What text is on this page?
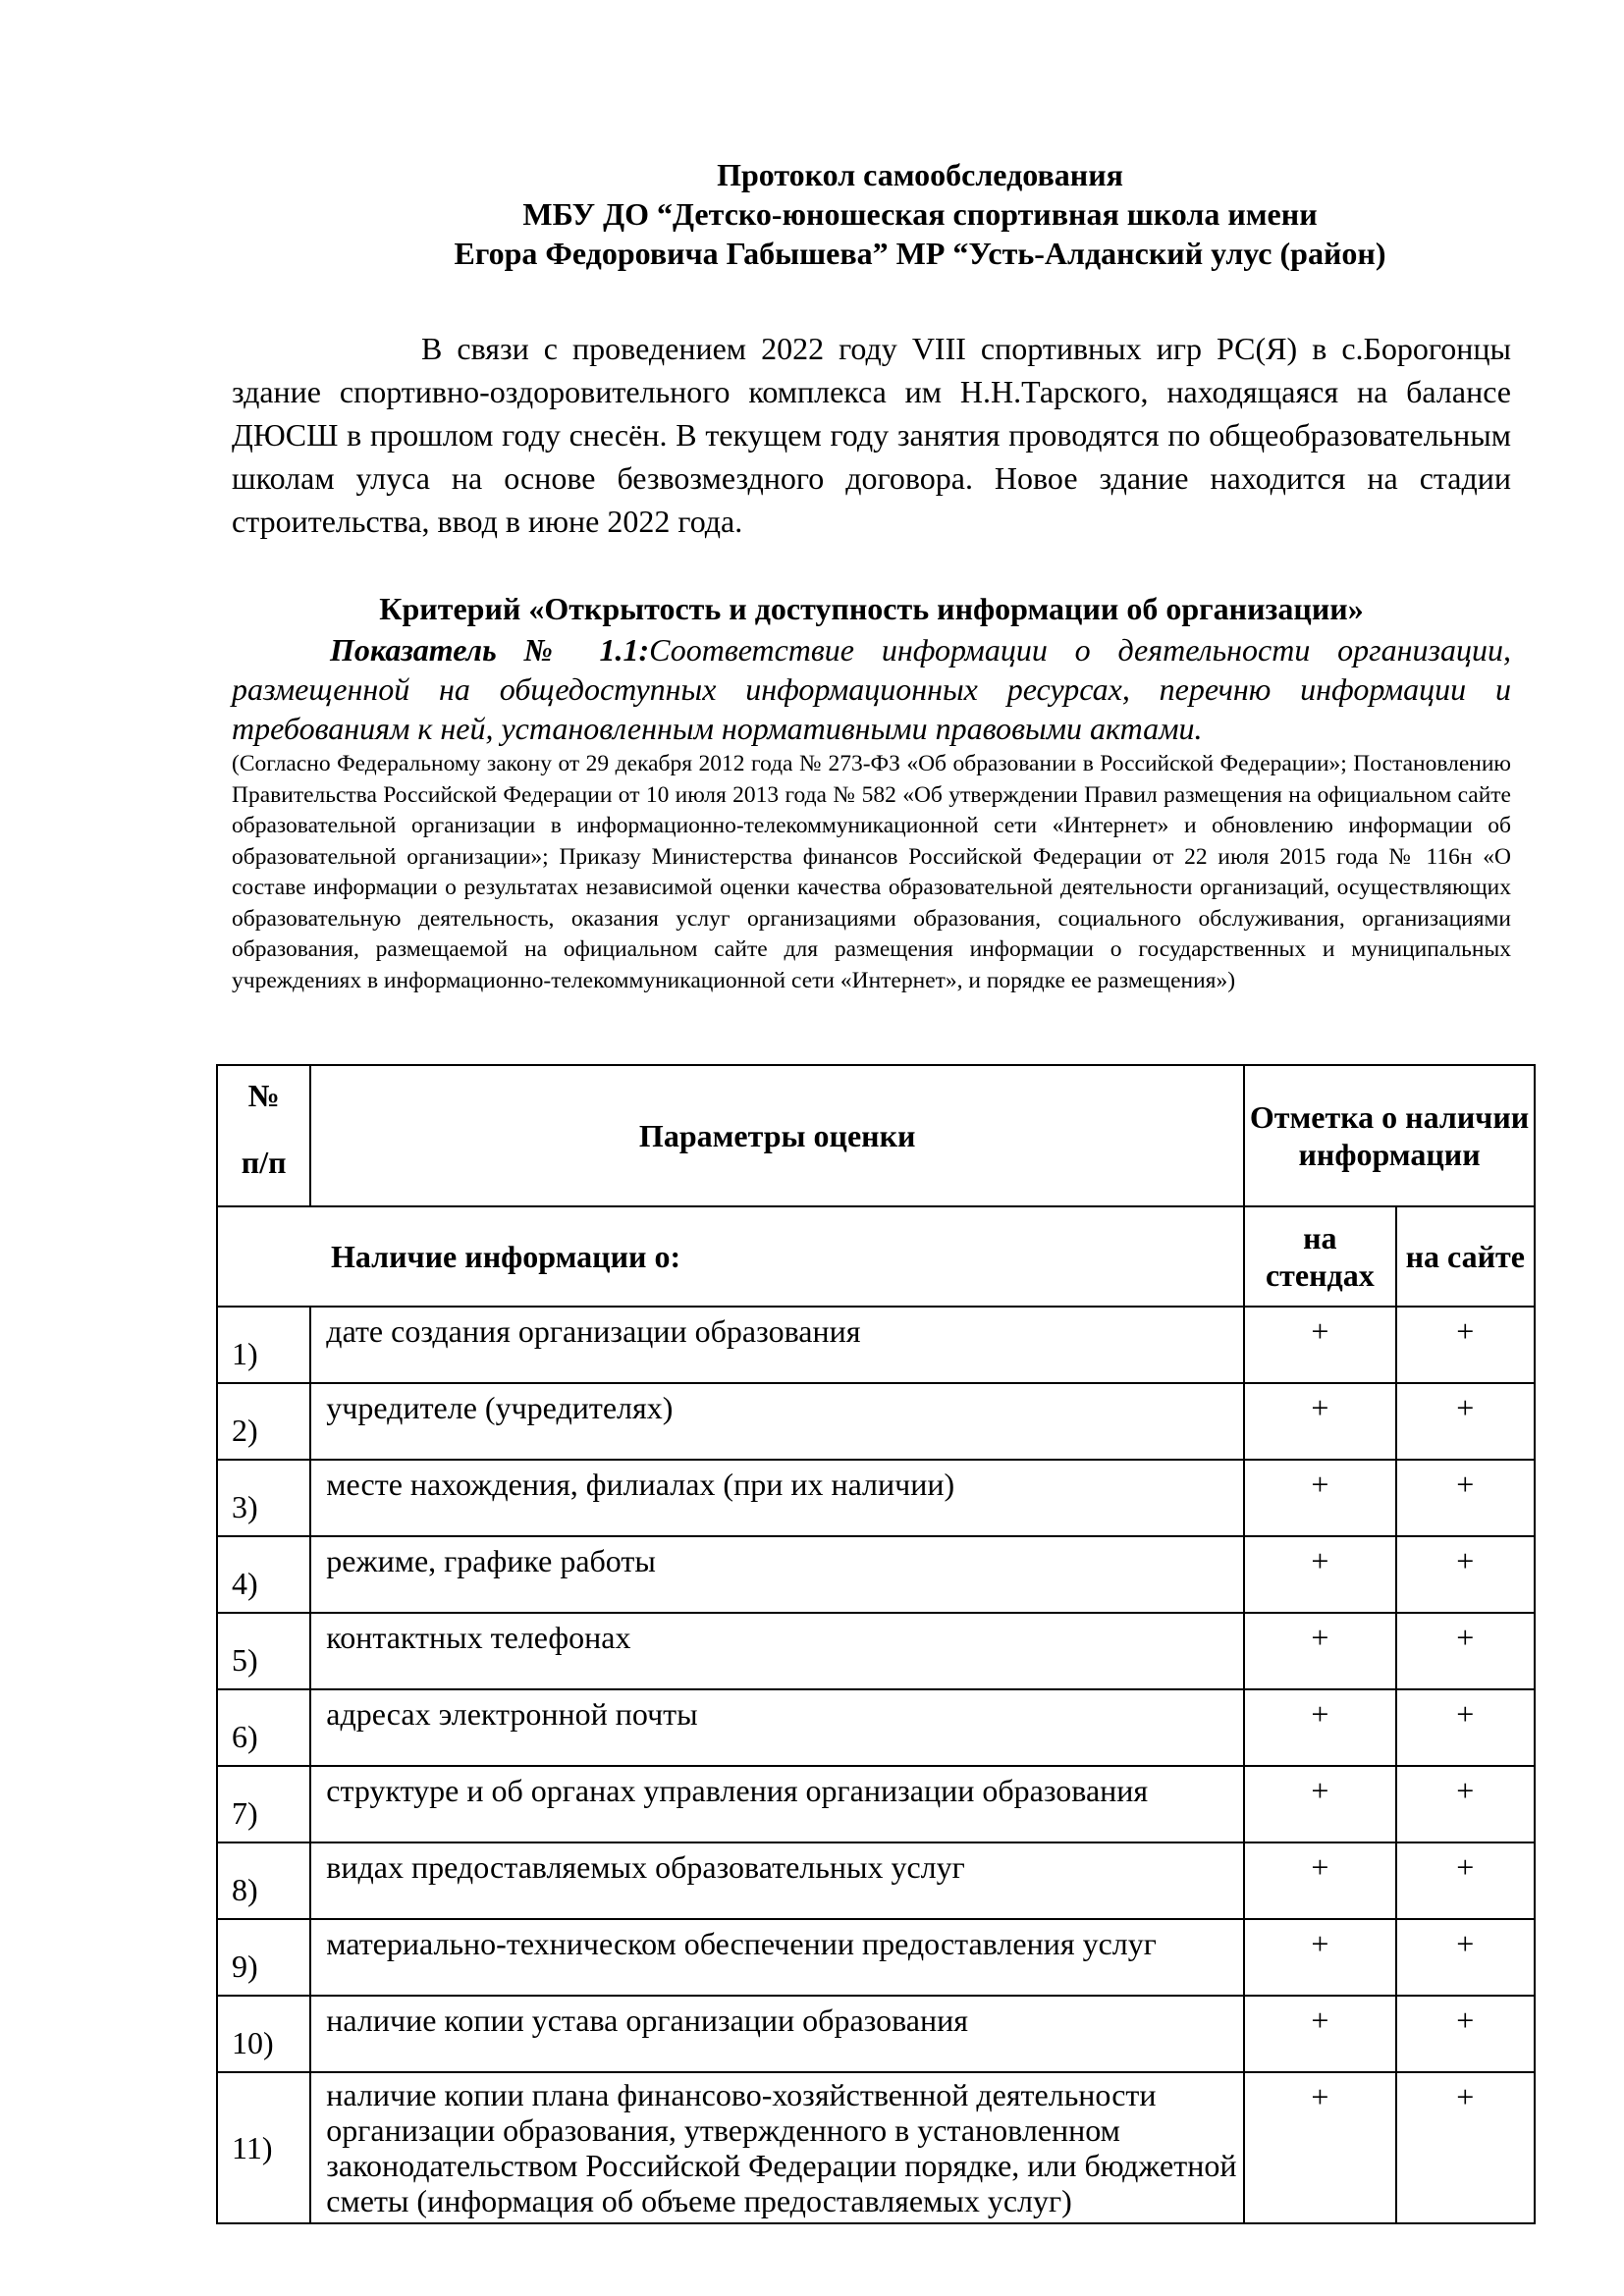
Протокол самообследования
МБУ ДО “Детско-юношеская спортивная школа имени
Егора Федоровича Габышева” МР “Усть-Алданский улус (район)
В связи с проведением 2022 году VIII спортивных игр РС(Я) в с.Борогонцы здание спортивно-оздоровительного комплекса им Н.Н.Тарского, находящаяся на балансе ДЮСШ в прошлом году снесён. В текущем году занятия проводятся по общеобразовательным школам улуса на основе безвозмездного договора. Новое здание находится на стадии строительства, ввод в июне 2022 года.
Критерий «Открытость и доступность информации об организации»
Показатель № 1.1:Соответствие информации о деятельности организации, размещенной на общедоступных информационных ресурсах, перечню информации и требованиям к ней, установленным нормативными правовыми актами.
(Согласно Федеральному закону от 29 декабря 2012 года № 273-ФЗ «Об образовании в Российской Федерации»; Постановлению Правительства Российской Федерации от 10 июля 2013 года № 582 «Об утверждении Правил размещения на официальном сайте образовательной организации в информационно-телекоммуникационной сети «Интернет» и обновлению информации об образовательной организации»; Приказу Министерства финансов Российской Федерации от 22 июля 2015 года № 116н «О составе информации о результатах независимой оценки качества образовательной деятельности организаций, осуществляющих образовательную деятельность, оказания услуг организациями образования, социального обслуживания, организациями образования, размещаемой на официальном сайте для размещения информации о государственных и муниципальных учреждениях в информационно-телекоммуникационной сети «Интернет», и порядке ее размещения»)
№
п/п	Параметры оценки	Отметка о наличии информации	
Наличие информации о:		на стендах	на сайте
1)	дате создания организации образования	+	+
2)	учредителе (учредителях)	+	+
3)	месте нахождения, филиалах (при их наличии)	+	+
4)	режиме, графике работы	+	+
5)	контактных телефонах	+	+
6)	адресах электронной почты	+	+
7)	структуре и об органах управления организации образования	+	+
8)	видах предоставляемых образовательных услуг	+	+
9)	материально-техническом обеспечении предоставления услуг	+	+
10)	наличие копии устава организации образования	+	+
11)	наличие копии плана финансово-хозяйственной деятельности организации образования, утвержденного в установленном законодательством Российской Федерации порядке, или бюджетной сметы (информация об объеме предоставляемых услуг)	+	+
